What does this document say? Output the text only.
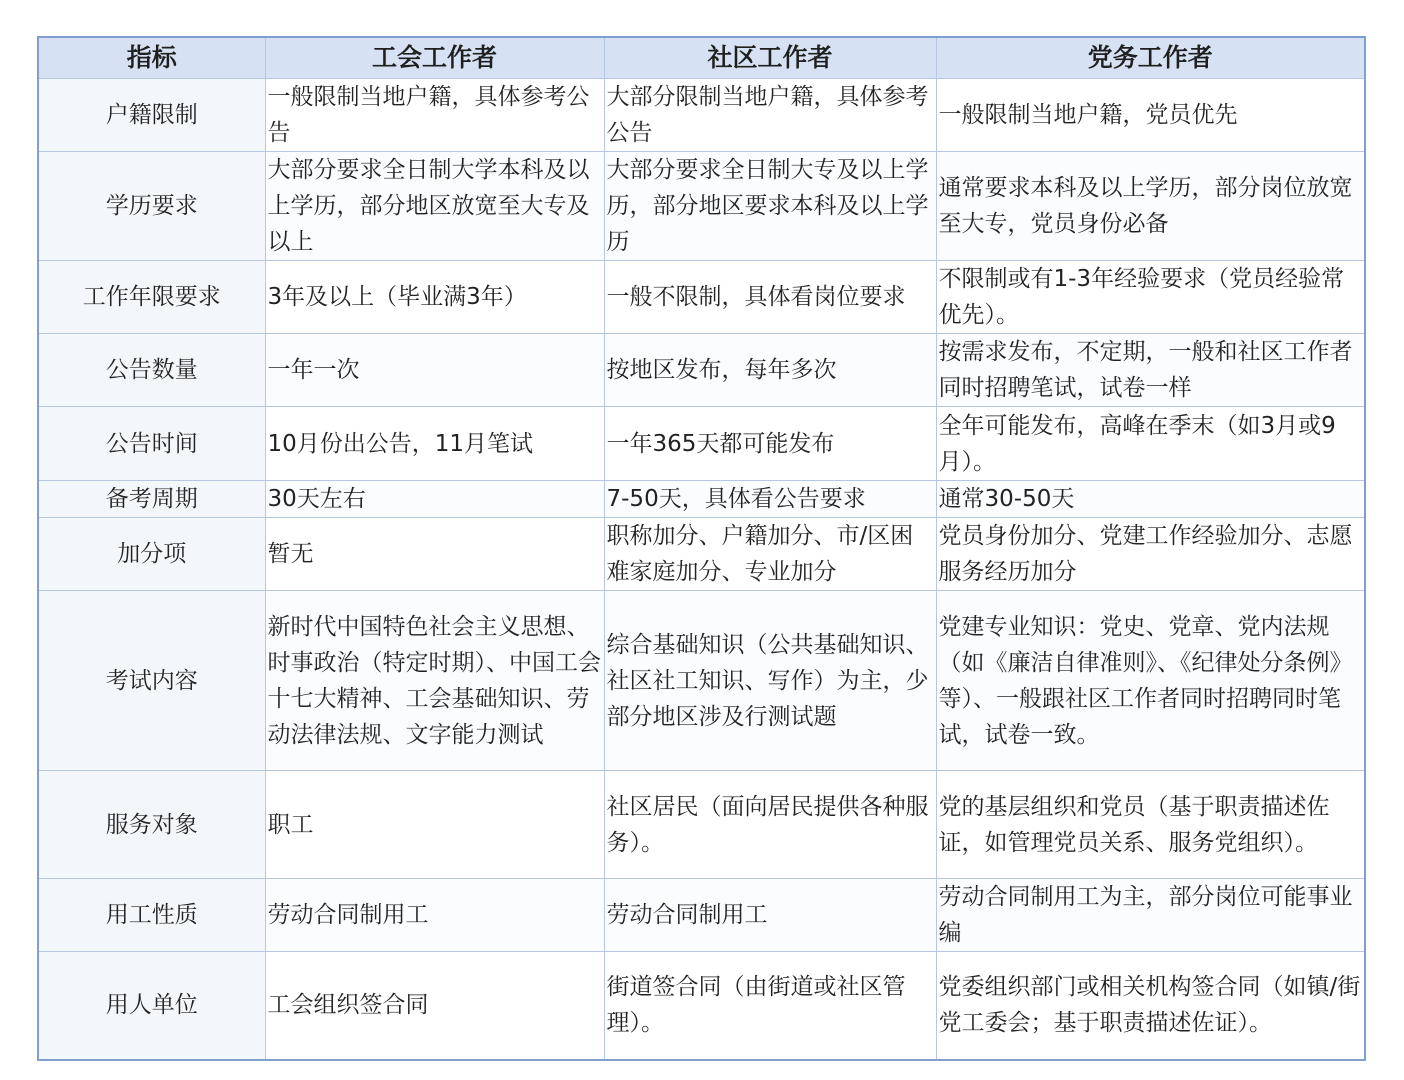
指标	工会工作者	社区工作者	党务工作者
户籍限制	一般限制当地户籍，具体参考公告	大部分限制当地户籍，具体参考公告	一般限制当地户籍，党员优先
学历要求	大部分要求全日制大学本科及以上学历，部分地区放宽至大专及以上	大部分要求全日制大专及以上学历，部分地区要求本科及以上学历	通常要求本科及以上学历，部分岗位放宽至大专，党员身份必备
工作年限要求	3年及以上（毕业满3年）	一般不限制，具体看岗位要求	不限制或有1-3年经验要求（党员经验常优先）。
公告数量	一年一次	按地区发布，每年多次	按需求发布，不定期，一般和社区工作者同时招聘笔试，试卷一样
公告时间	10月份出公告，11月笔试	一年365天都可能发布	全年可能发布，高峰在季末（如3月或9月）。
备考周期	30天左右	7-50天，具体看公告要求	通常30-50天
加分项	暂无	职称加分、户籍加分、市/区困难家庭加分、专业加分	党员身份加分、党建工作经验加分、志愿服务经历加分
考试内容	新时代中国特色社会主义思想、时事政治（特定时期）、中国工会十七大精神、工会基础知识、劳动法律法规、文字能力测试	综合基础知识（公共基础知识、社区社工知识、写作）为主，少部分地区涉及行测试题	党建专业知识：党史、党章、党内法规（如《廉洁自律准则》、《纪律处分条例》等）、一般跟社区工作者同时招聘同时笔试，试卷一致。
服务对象	职工	社区居民（面向居民提供各种服务）。	党的基层组织和党员（基于职责描述佐证，如管理党员关系、服务党组织）。
用工性质	劳动合同制用工	劳动合同制用工	劳动合同制用工为主，部分岗位可能事业编
用人单位	工会组织签合同	街道签合同（由街道或社区管理）。	党委组织部门或相关机构签合同（如镇/街党工委会；基于职责描述佐证）。
